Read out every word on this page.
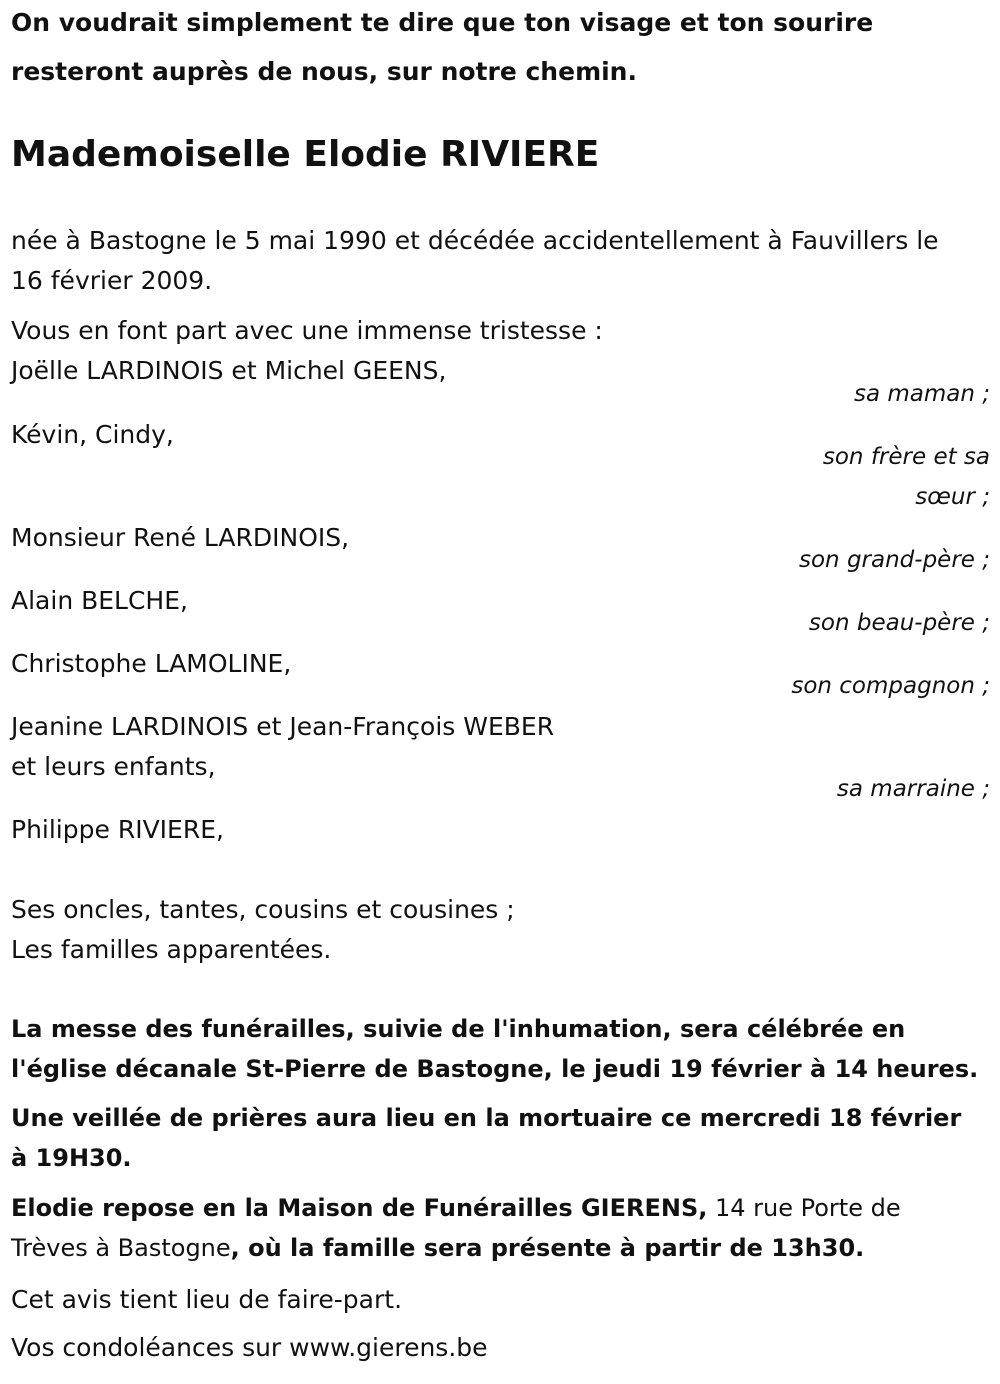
On voudrait simplement te dire que ton visage et ton sourire

resteront auprès de nous, sur notre chemin.

Mademoiselle Elodie RIVIERE

née à Bastogne le 5 mai 1990 et décédée accidentellement à Fauvillers le

16 février 2009.

Vous en font part avec une immense tristesse :

Joëlle LARDINOIS et Michel GEENS,

sa maman ;

Kévin, Cindy,

son frère et sa

sœur ;

Monsieur René LARDINOIS,

son grand-père ;

Alain BELCHE,

son beau-père ;

Christophe LAMOLINE,

son compagnon ;

Jeanine LARDINOIS et Jean-François WEBER

et leurs enfants,

sa marraine ;

Philippe RIVIERE,

Ses oncles, tantes, cousins et cousines ;

Les familles apparentées.

La messe des funérailles, suivie de l'inhumation, sera célébrée en

l'église décanale St-Pierre de Bastogne, le jeudi 19 février à 14 heures.

Une veillée de prières aura lieu en la mortuaire ce mercredi 18 février

à 19H30.

Elodie repose en la Maison de Funérailles GIERENS, 14 rue Porte de

Trèves à Bastogne, où la famille sera présente à partir de 13h30.

Cet avis tient lieu de faire-part.

Vos condoléances sur www.gierens.be
